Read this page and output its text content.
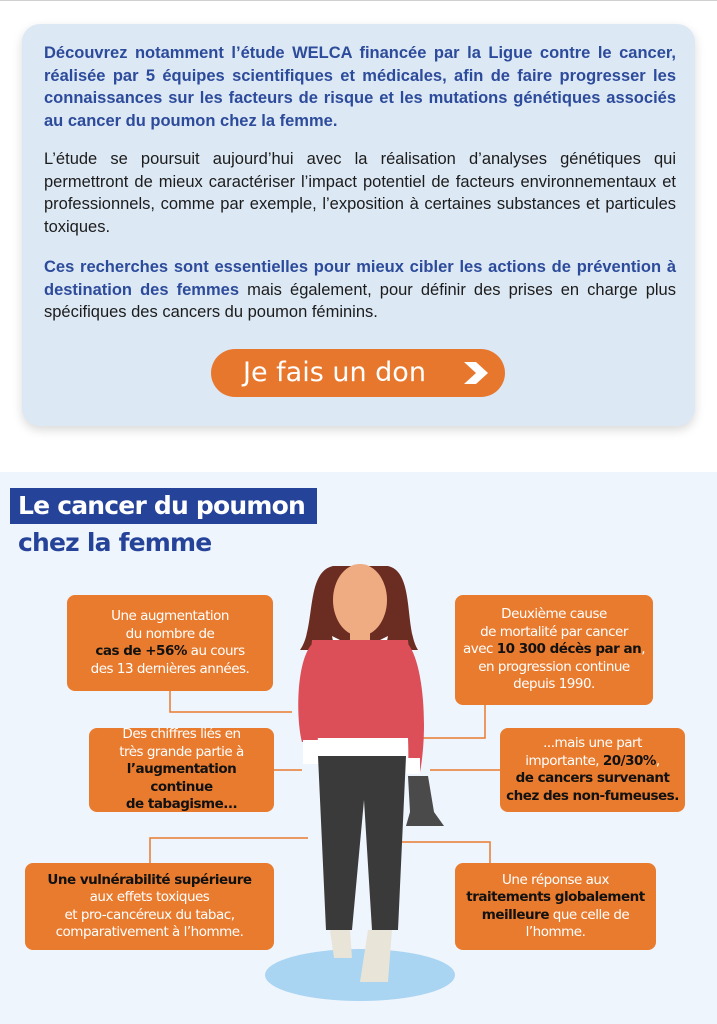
Découvrez notamment l’étude WELCA financée par la Ligue contre le cancer, réalisée par 5 équipes scientifiques et médicales, afin de faire progresser les connaissances sur les facteurs de risque et les mutations génétiques associés au cancer du poumon chez la femme.

L’étude se poursuit aujourd’hui avec la réalisation d’analyses génétiques qui permettront de mieux caractériser l’impact potentiel de facteurs environnementaux et professionnels, comme par exemple, l’exposition à certaines substances et particules toxiques.

Ces recherches sont essentielles pour mieux cibler les actions de prévention à destination des femmes mais également, pour définir des prises en charge plus spécifiques des cancers du poumon féminins.

Je fais un don
Le cancer du poumon
chez la femme
Une augmentation
du nombre de
cas de +56% au cours
des 13 dernières années.
Des chiffres liés en
très grande partie à
l’augmentation continue
de tabagisme...
Une vulnérabilité supérieure
aux effets toxiques
et pro-cancéreux du tabac,
comparativement à l’homme.
Deuxième cause
de mortalité par cancer
avec 10 300 décès par an,
en progression continue
depuis 1990.
...mais une part
importante, 20/30%,
de cancers survenant
chez des non-fumeuses.
Une réponse aux
traitements globalement
meilleure que celle de
l’homme.
